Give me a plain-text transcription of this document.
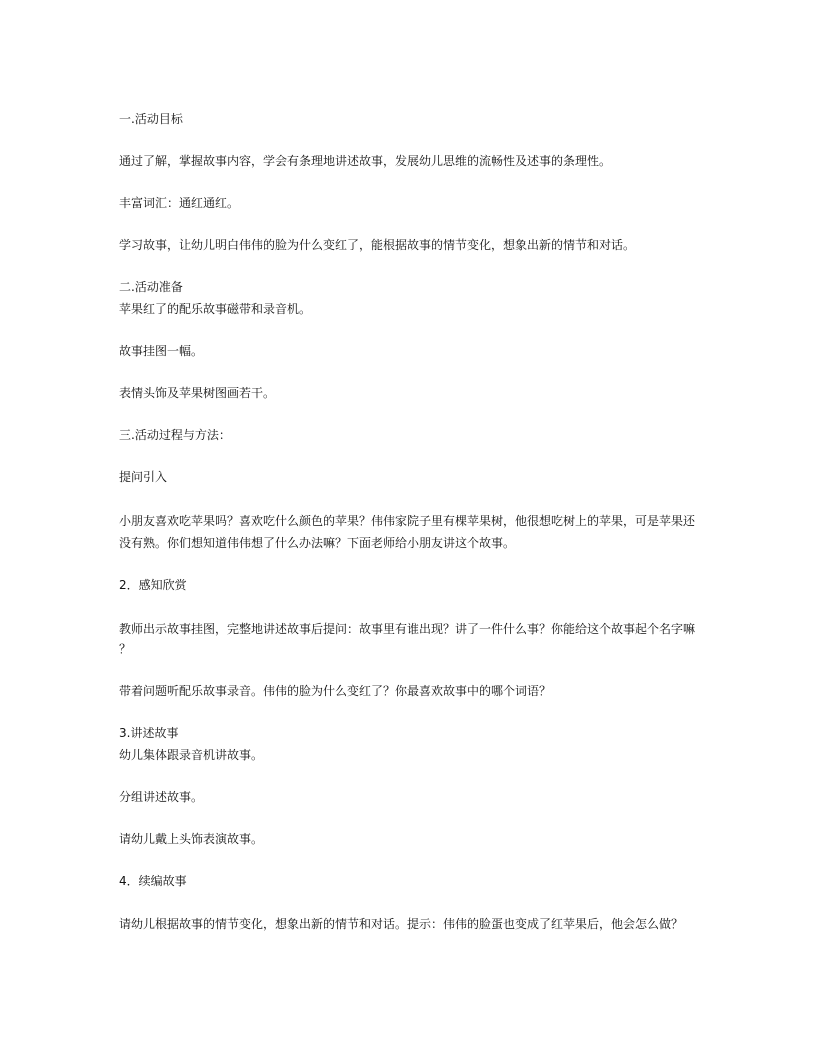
一.活动目标
通过了解，掌握故事内容，学会有条理地讲述故事，发展幼儿思维的流畅性及述事的条理性。
丰富词汇：通红通红。
学习故事，让幼儿明白伟伟的脸为什么变红了，能根据故事的情节变化，想象出新的情节和对话。
二.活动准备
苹果红了的配乐故事磁带和录音机。
故事挂图一幅。
表情头饰及苹果树图画若干。
三.活动过程与方法：
提问引入
小朋友喜欢吃苹果吗？喜欢吃什么颜色的苹果？伟伟家院子里有棵苹果树，他很想吃树上的苹果，可是苹果还
没有熟。你们想知道伟伟想了什么办法嘛？下面老师给小朋友讲这个故事。
2．感知欣赏
教师出示故事挂图，完整地讲述故事后提问：故事里有谁出现？讲了一件什么事？你能给这个故事起个名字嘛
？
带着问题听配乐故事录音。伟伟的脸为什么变红了？你最喜欢故事中的哪个词语？
3.讲述故事
幼儿集体跟录音机讲故事。
分组讲述故事。
请幼儿戴上头饰表演故事。
4．续编故事
请幼儿根据故事的情节变化，想象出新的情节和对话。提示：伟伟的脸蛋也变成了红苹果后，他会怎么做？
